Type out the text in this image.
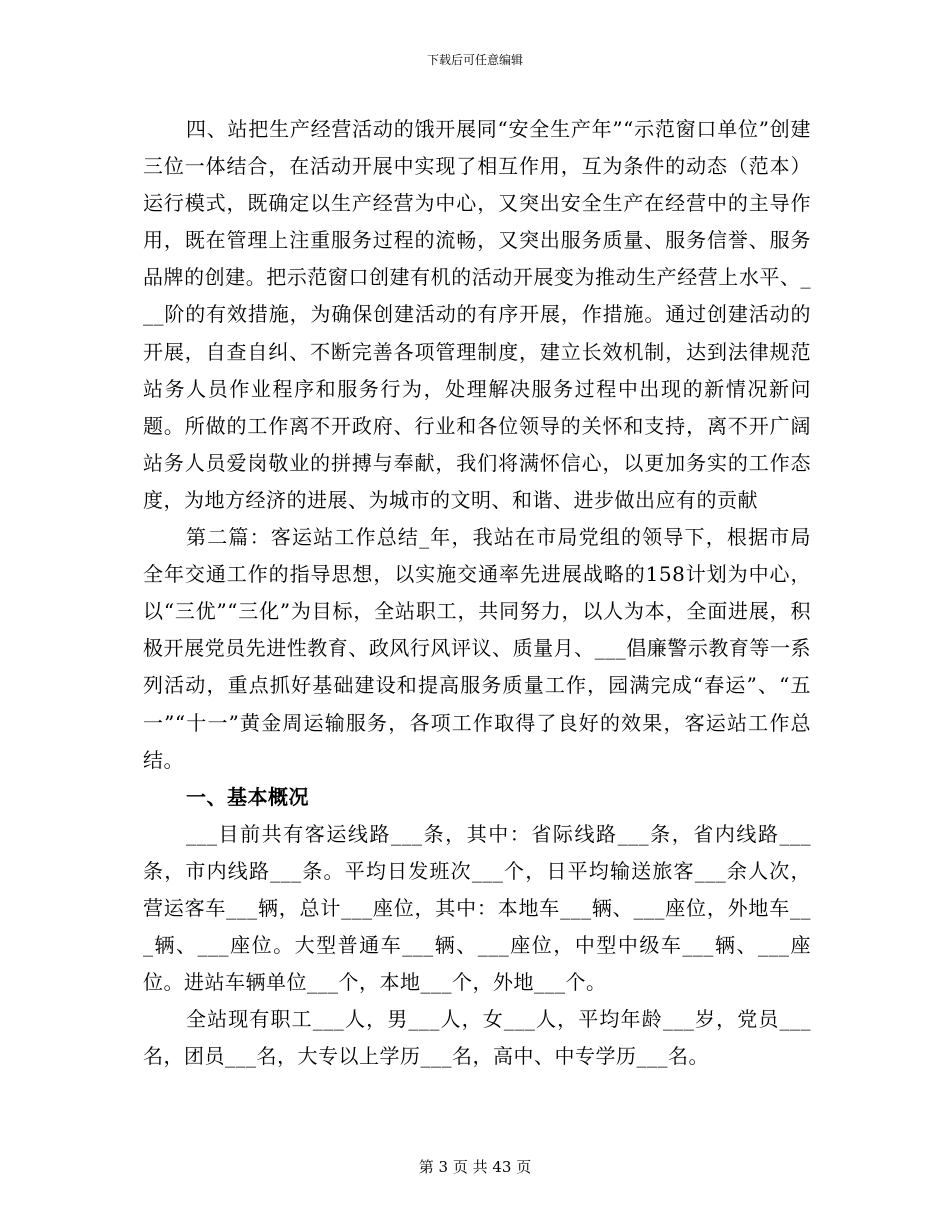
下载后可任意编辑

四、站把生产经营活动的饿开展同“安全生产年”“示范窗口单位”创建三位一体结合，在活动开展中实现了相互作用，互为条件的动态（范本）运行模式，既确定以生产经营为中心，又突出安全生产在经营中的主导作用，既在管理上注重服务过程的流畅，又突出服务质量、服务信誉、服务品牌的创建。把示范窗口创建有机的活动开展变为推动生产经营上水平、___阶的有效措施，为确保创建活动的有序开展，作措施。通过创建活动的开展，自查自纠、不断完善各项管理制度，建立长效机制，达到法律规范站务人员作业程序和服务行为，处理解决服务过程中出现的新情况新问题。所做的工作离不开政府、行业和各位领导的关怀和支持，离不开广阔站务人员爱岗敬业的拼搏与奉献，我们将满怀信心，以更加务实的工作态度，为地方经济的进展、为城市的文明、和谐、进步做出应有的贡献

第二篇：客运站工作总结_年，我站在市局党组的领导下，根据市局全年交通工作的指导思想，以实施交通率先进展战略的158计划为中心，以“三优”“三化”为目标，全站职工，共同努力，以人为本，全面进展，积极开展党员先进性教育、政风行风评议、质量月、___倡廉警示教育等一系列活动，重点抓好基础建设和提高服务质量工作，园满完成“春运”、“五一”“十一”黄金周运输服务，各项工作取得了良好的效果，客运站工作总结。

一、基本概况

___目前共有客运线路___条，其中：省际线路___条，省内线路___条，市内线路___条。平均日发班次___个，日平均输送旅客___余人次，营运客车___辆，总计___座位，其中：本地车___辆、___座位，外地车___辆、___座位。大型普通车___辆、___座位，中型中级车___辆、___座位。进站车辆单位___个，本地___个，外地___个。

全站现有职工___人，男___人，女___人，平均年龄___岁，党员___名，团员___名，大专以上学历___名，高中、中专学历___名。

第 3 页 共 43 页
